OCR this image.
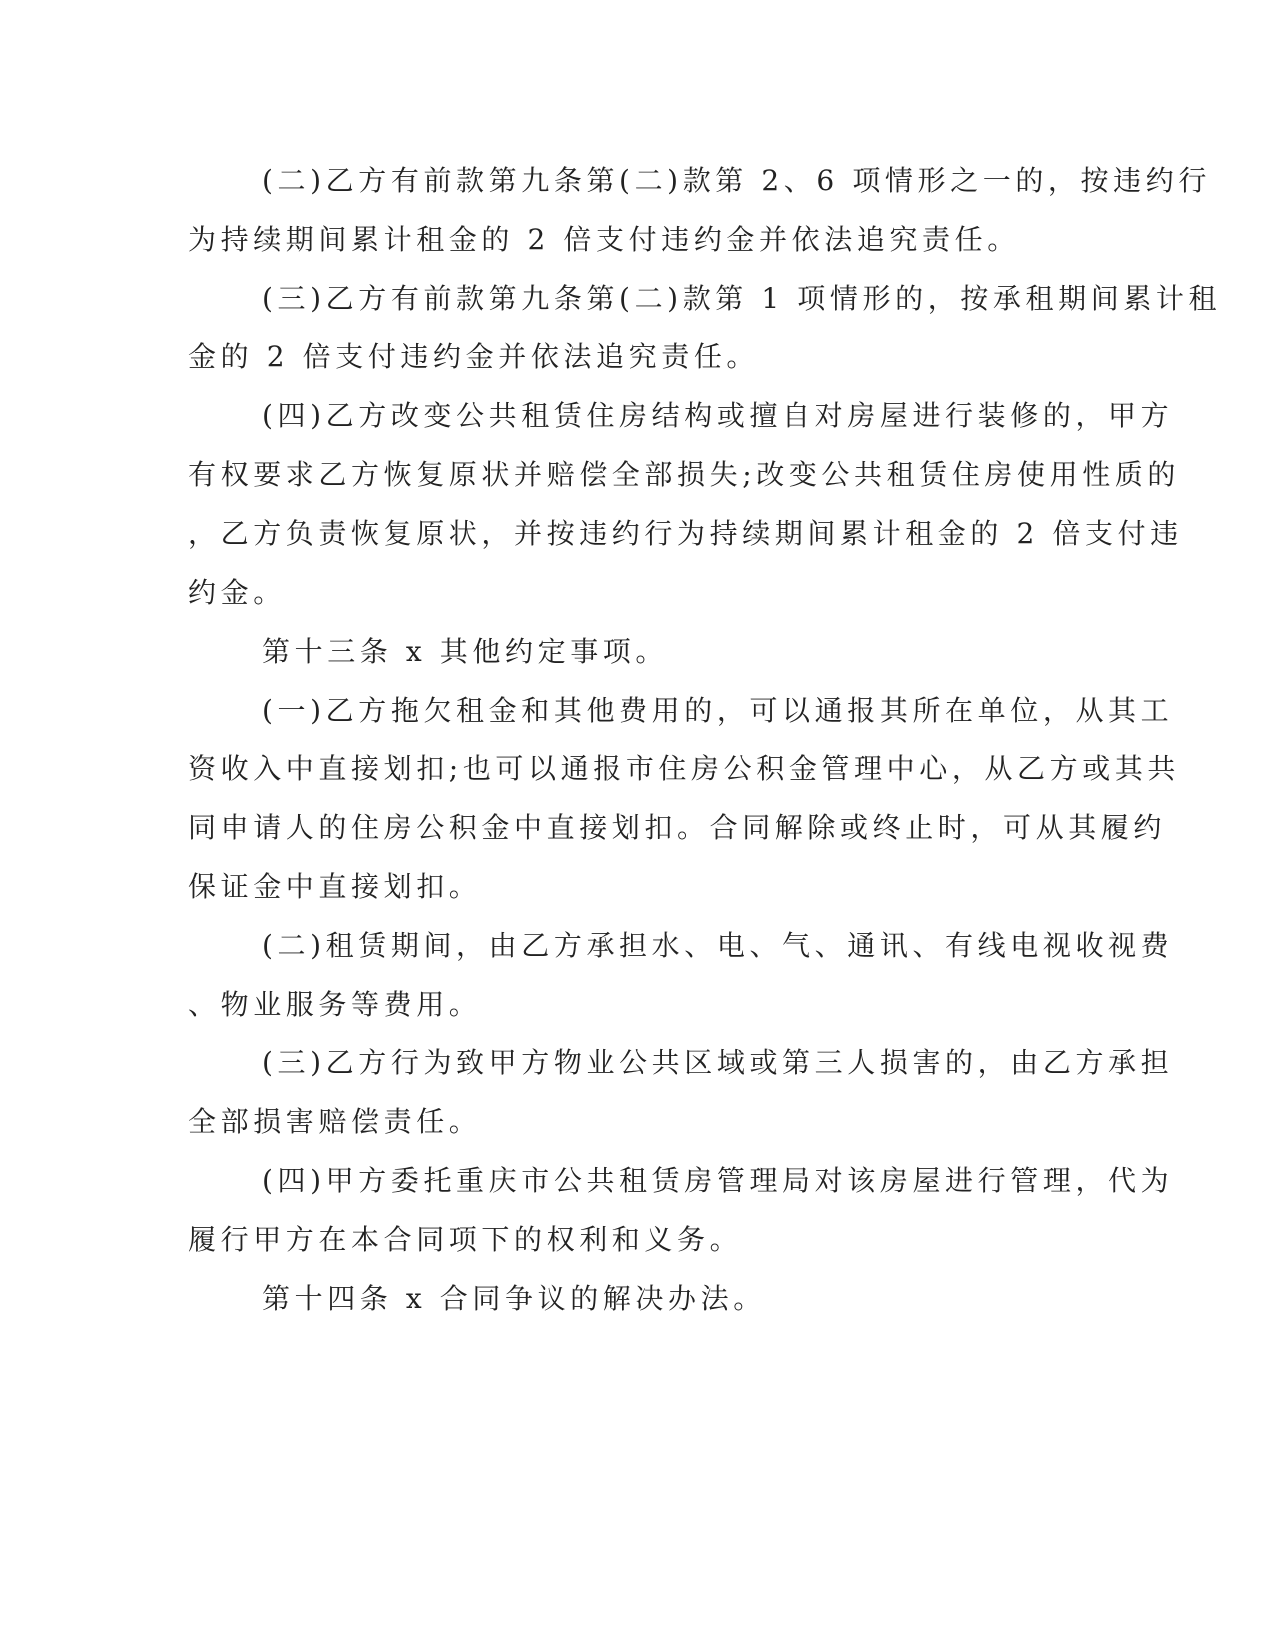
(二)乙方有前款第九条第(二)款第 2、6 项情形之一的，按违约行
为持续期间累计租金的 2 倍支付违约金并依法追究责任。
(三)乙方有前款第九条第(二)款第 1 项情形的，按承租期间累计租
金的 2 倍支付违约金并依法追究责任。
(四)乙方改变公共租赁住房结构或擅自对房屋进行装修的，甲方
有权要求乙方恢复原状并赔偿全部损失;改变公共租赁住房使用性质的
，乙方负责恢复原状，并按违约行为持续期间累计租金的 2 倍支付违
约金。
第十三条 x 其他约定事项。
(一)乙方拖欠租金和其他费用的，可以通报其所在单位，从其工
资收入中直接划扣;也可以通报市住房公积金管理中心，从乙方或其共
同申请人的住房公积金中直接划扣。合同解除或终止时，可从其履约
保证金中直接划扣。
(二)租赁期间，由乙方承担水、电、气、通讯、有线电视收视费
、物业服务等费用。
(三)乙方行为致甲方物业公共区域或第三人损害的，由乙方承担
全部损害赔偿责任。
(四)甲方委托重庆市公共租赁房管理局对该房屋进行管理，代为
履行甲方在本合同项下的权利和义务。
第十四条 x 合同争议的解决办法。
